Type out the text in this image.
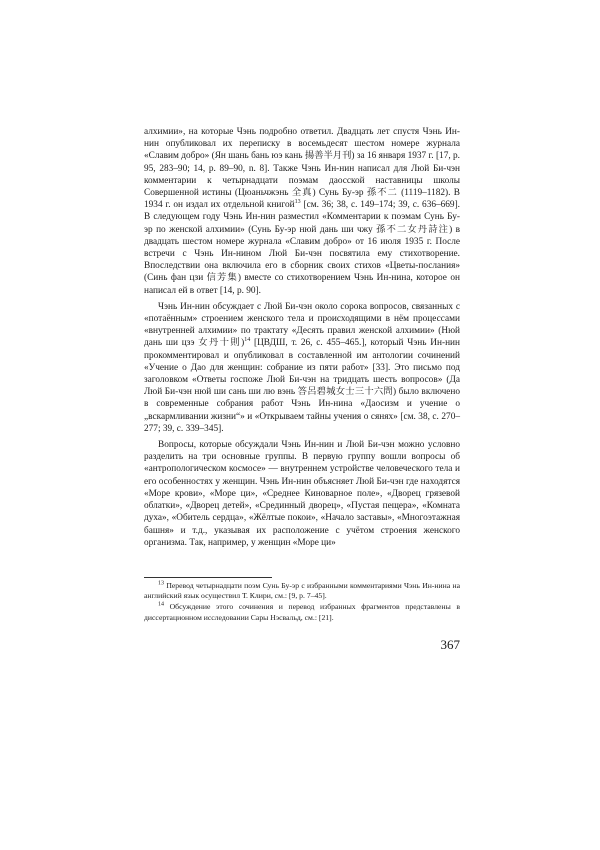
алхимии», на которые Чэнь подробно ответил. Двадцать лет спустя Чэнь Ин-нин опубликовал их переписку в восемьдесят шестом номере журнала «Славим добро» (Ян шань бань юэ кань 揚善半月刊) за 16 января 1937 г. [17, p. 95, 283–90; 14, р. 89–90, n. 8]. Также Чэнь Ин-нин написал для Люй Би-чэн комментарии к четырнадцати поэмам даосской наставницы школы Совершенной истины (Цюаньчжэнь 全真) Сунь Бу-эр 孫不二 (1119–1182). В 1934 г. он издал их отдельной книгой$^{13}$ [см. 36; 38, с. 149–174; 39, с. 636–669]. В следующем году Чэнь Ин-нин разместил «Комментарии к поэмам Сунь Бу-эр по женской алхимии» (Сунь Бу-эр нюй дань ши чжу 孫不二女丹詩注) в двадцать шестом номере журнала «Славим добро» от 16 июля 1935 г. После встречи с Чэнь Ин-нином Люй Би-чэн посвятила ему стихотворение. Впоследствии она включила его в сборник своих стихов «Цветы-послания» (Синь фан цзи 信芳集) вместе со стихотворением Чэнь Ин-нина, которое он написал ей в ответ [14, р. 90].

Чэнь Ин-нин обсуждает с Люй Би-чэн около сорока вопросов, связанных с «потаённым» строением женского тела и происходящими в нём процессами «внутренней алхимии» по трактату «Десять правил женской алхимии» (Нюй дань ши цзэ 女丹十則)$^{14}$ [ЦВДШ, т. 26, с. 455–465.], который Чэнь Ин-нин прокомментировал и опубликовал в составленной им антологии сочинений «Учение о Дао для женщин: собрание из пяти работ» [33]. Это письмо под заголовком «Ответы госпоже Люй Би-чэн на тридцать шесть вопросов» (Да Люй Би-чэн нюй ши сань ши лю вэнь 答呂碧城女士三十六問) было включено в современные собрания работ Чэнь Ин-нина «Даосизм и учение о „вскармливании жизни“» и «Открываем тайны учения о сянях» [см. 38, с. 270–277; 39, с. 339–345].

Вопросы, которые обсуждали Чэнь Ин-нин и Люй Би-чэн можно условно разделить на три основные группы. В первую группу вошли вопросы об «антропологическом космосе» — внутреннем устройстве человеческого тела и его особенностях у женщин. Чэнь Ин-нин объясняет Люй Би-чэн где находятся «Море крови», «Море ци», «Среднее Киноварное поле», «Дворец грязевой облатки», «Дворец детей», «Срединный дворец», «Пустая пещера», «Комната духа», «Обитель сердца», «Жёлтые покои», «Начало заставы», «Многоэтажная башня» и т.д., указывая их расположение с учётом строения женского организма. Так, например, у женщин «Море ци»

$^{13}$ Перевод четырнадцати поэм Сунь Бу-эр с избранными комментариями Чэнь Ин-нина на английский язык осуществил Т. Клири, см.: [9, p. 7–45].

$^{14}$ Обсуждение этого сочинения и перевод избранных фрагментов представлены в диссертационном исследовании Сары Нэсвальд, см.: [21].

367
